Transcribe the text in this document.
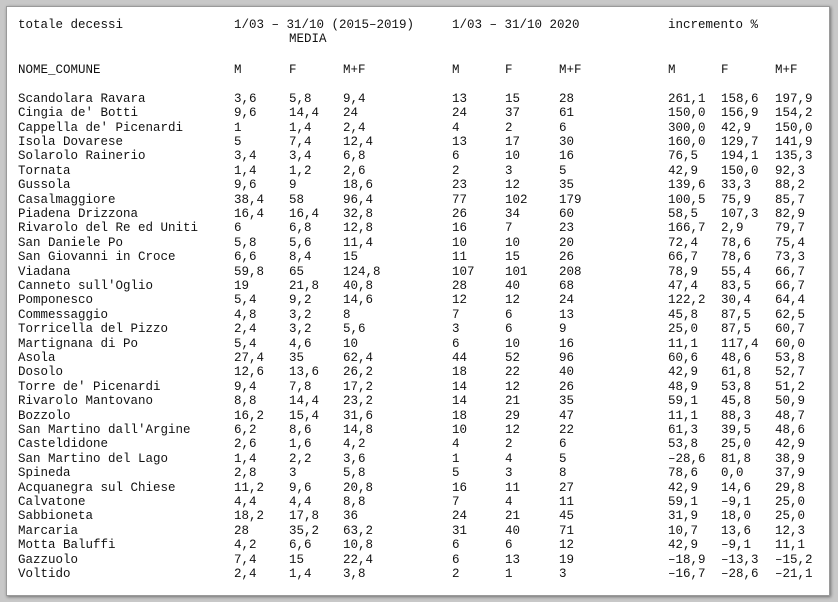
totale decessi	1/03 – 31/10 (2015–2019)
MEDIA
1/03 – 31/10 2020	incremento %
NOME_COMUNE	M	F	M+F	M	F	M+F	M	F	M+F
Scandolara Ravara	3,6	5,8	9,4	13	15	28	261,1 158,6 197,9
Cingia de' Botti	9,6	14,4 24	24	37	61	150,0 156,9 154,2
Cappella de' Picenardi	1	1,4	2,4	4	2	6	300,0 42,9 150,0
Isola Dovarese	5	7,4	12,4	13	17	30	160,0 129,7 141,9
Solarolo Rainerio	3,4	3,4	6,8	6	10	16	76,5 194,1 135,3
Tornata	1,4	1,2	2,6	2	3	5	42,9 150,0 92,3
Gussola	9,6	9	18,6	23	12	35	139,6 33,3 88,2
Casalmaggiore	38,4 58	96,4	77	102	179	100,5 75,9 85,7
Piadena Drizzona	16,4 16,4 32,8	26	34	60	58,5 107,3 82,9
Rivarolo del Re ed Uniti	6	6,8	12,8	16	7	23	166,7 2,9	79,7
San Daniele Po	5,8	5,6	11,4	10	10	20	72,4 78,6 75,4
San Giovanni in Croce	6,6	8,4	15	11	15	26	66,7 78,6 73,3
Viadana	59,8 65	124,8	107 101	208	78,9 55,4 66,7
Canneto sull'Oglio	19	21,8 40,8	28	40	68	47,4 83,5 66,7
Pomponesco	5,4	9,2	14,6	12	12	24	122,2 30,4 64,4
Commessaggio	4,8	3,2	8	7	6	13	45,8 87,5 62,5
Torricella del Pizzo	2,4	3,2	5,6	3	6	9	25,0 87,5 60,7
Martignana di Po	5,4	4,6	10	6	10	16	11,1 117,4 60,0
Asola	27,4 35	62,4	44	52	96	60,6 48,6 53,8
Dosolo	12,6 13,6 26,2	18	22	40	42,9 61,8 52,7
Torre de' Picenardi	9,4	7,8	17,2	14	12	26	48,9 53,8 51,2
Rivarolo Mantovano	8,8	14,4 23,2	14	21	35	59,1 45,8 50,9
Bozzolo	16,2 15,4 31,6	18	29	47	11,1 88,3 48,7
San Martino dall'Argine	6,2	8,6	14,8	10	12	22	61,3 39,5 48,6
Casteldidone	2,6	1,6	4,2	4	2	6	53,8 25,0 42,9
San Martino del Lago	1,4	2,2	3,6	1	4	5	–28,6 81,8 38,9
Spineda	2,8	3	5,8	5	3	8	78,6 0,0	37,9
Acquanegra sul Chiese	11,2 9,6	20,8	16	11	27	42,9 14,6 29,8
Calvatone	4,4	4,4	8,8	7	4	11	59,1 –9,1 25,0
Sabbioneta	18,2 17,8 36	24	21	45	31,9 18,0 25,0
Marcaria	28	35,2 63,2	31	40	71	10,7 13,6 12,3
Motta Baluffi	4,2	6,6	10,8	6	6	12	42,9 –9,1 11,1
Gazzuolo	7,4	15	22,4	6	13	19	–18,9 –13,3 –15,2
Voltido	2,4	1,4	3,8	2	1	3	–16,7 –28,6 –21,1
